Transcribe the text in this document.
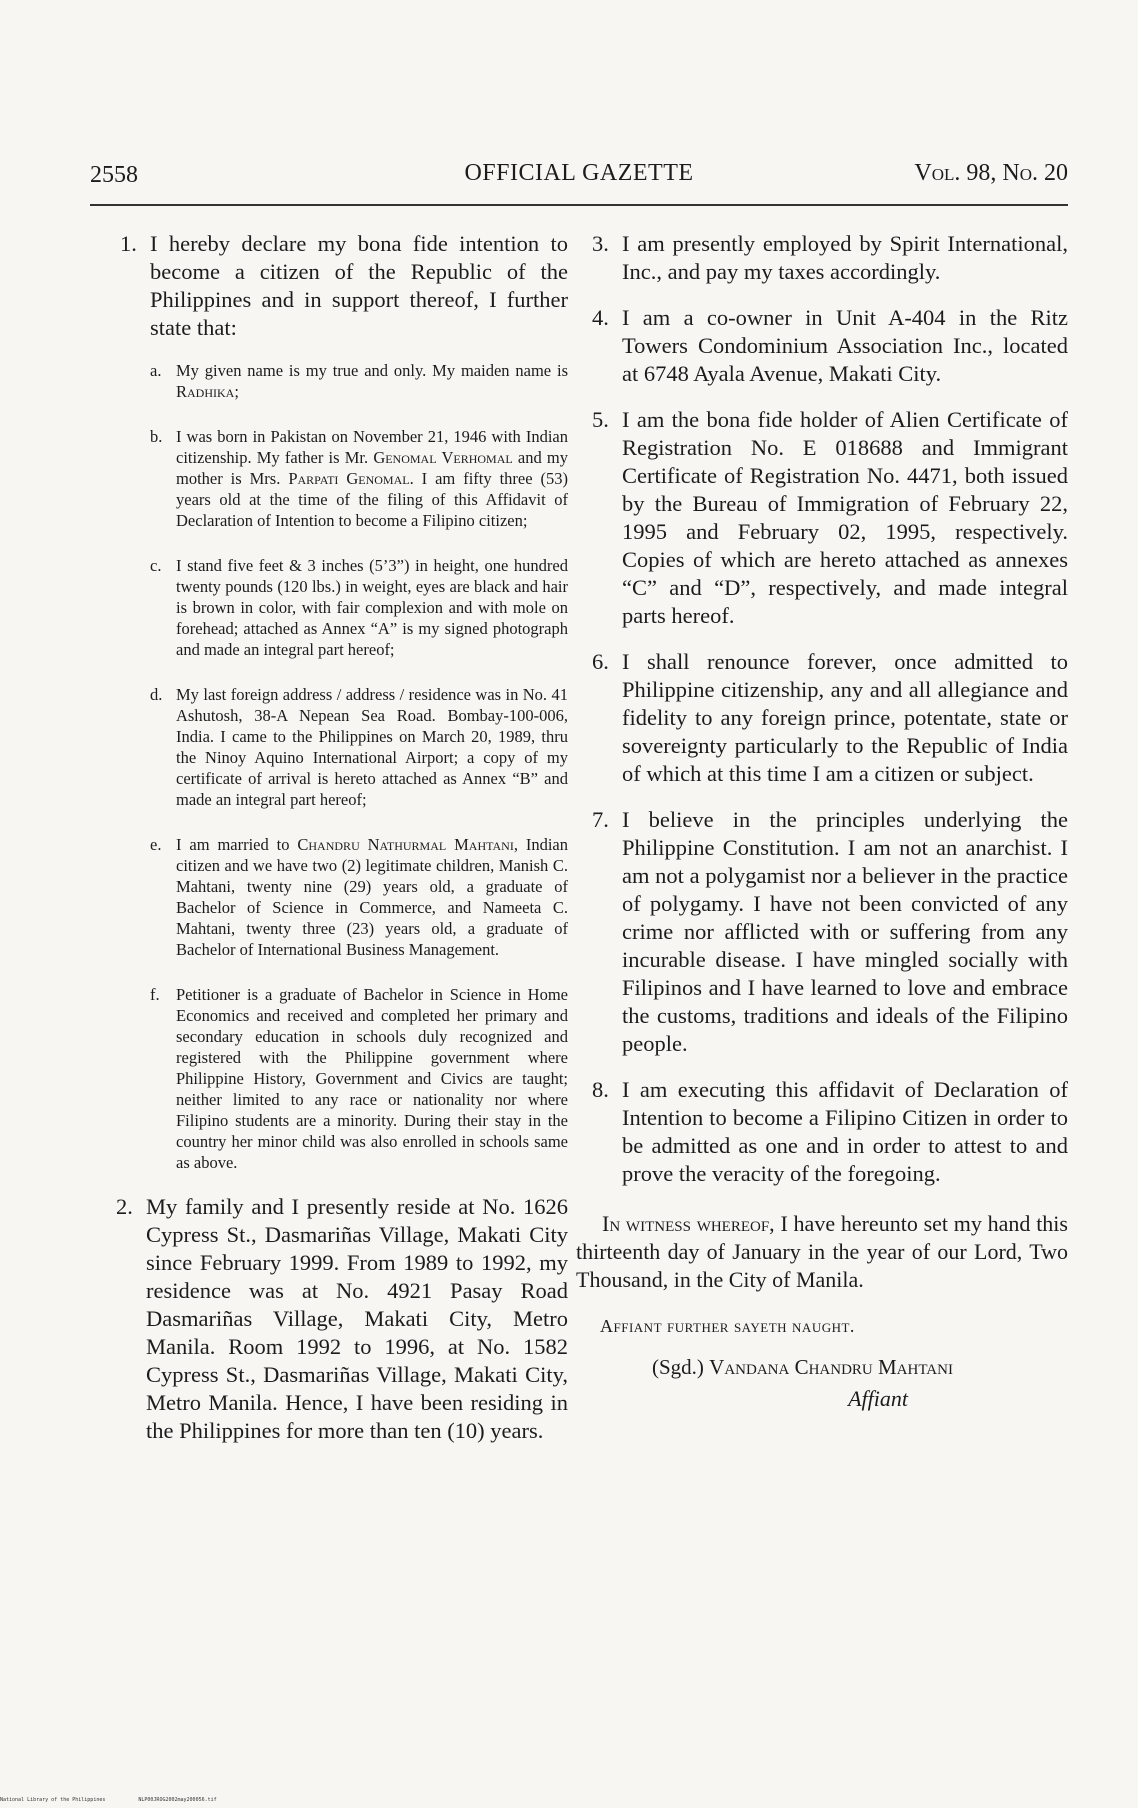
2558	OFFICIAL GAZETTE	Vol. 98, No. 20
1. I hereby declare my bona fide intention to become a citizen of the Republic of the Philippines and in support thereof, I further state that:
a. My given name is my true and only. My maiden name is Radhika;
b. I was born in Pakistan on November 21, 1946 with Indian citizenship. My father is Mr. Genomal Verhomal and my mother is Mrs. Parpati Genomal. I am fifty three (53) years old at the time of the filing of this Affidavit of Declaration of Intention to become a Filipino citizen;
c. I stand five feet & 3 inches (5’3”) in height, one hundred twenty pounds (120 lbs.) in weight, eyes are black and hair is brown in color, with fair complexion and with mole on forehead; attached as Annex “A” is my signed photograph and made an integral part hereof;
d. My last foreign address / address / residence was in No. 41 Ashutosh, 38-A Nepean Sea Road. Bombay-100-006, India. I came to the Philippines on March 20, 1989, thru the Ninoy Aquino International Airport; a copy of my certificate of arrival is hereto attached as Annex “B” and made an integral part hereof;
e. I am married to Chandru Nathurmal Mahtani, Indian citizen and we have two (2) legitimate children, Manish C. Mahtani, twenty nine (29) years old, a graduate of Bachelor of Science in Commerce, and Nameeta C. Mahtani, twenty three (23) years old, a graduate of Bachelor of International Business Management.
f. Petitioner is a graduate of Bachelor in Science in Home Economics and received and completed her primary and secondary education in schools duly recognized and registered with the Philippine government where Philippine History, Government and Civics are taught; neither limited to any race or nationality nor where Filipino students are a minority. During their stay in the country her minor child was also enrolled in schools same as above.
2. My family and I presently reside at No. 1626 Cypress St., Dasmariñas Village, Makati City since February 1999. From 1989 to 1992, my residence was at No. 4921 Pasay Road Dasmariñas Village, Makati City, Metro Manila. Room 1992 to 1996, at No. 1582 Cypress St., Dasmariñas Village, Makati City, Metro Manila. Hence, I have been residing in the Philippines for more than ten (10) years.
3. I am presently employed by Spirit International, Inc., and pay my taxes accordingly.
4. I am a co-owner in Unit A-404 in the Ritz Towers Condominium Association Inc., located at 6748 Ayala Avenue, Makati City.
5. I am the bona fide holder of Alien Certificate of Registration No. E 018688 and Immigrant Certificate of Registration No. 4471, both issued by the Bureau of Immigration of February 22, 1995 and February 02, 1995, respectively. Copies of which are hereto attached as annexes “C” and “D”, respectively, and made integral parts hereof.
6. I shall renounce forever, once admitted to Philippine citizenship, any and all allegiance and fidelity to any foreign prince, potentate, state or sovereignty particularly to the Republic of India of which at this time I am a citizen or subject.
7. I believe in the principles underlying the Philippine Constitution. I am not an anarchist. I am not a polygamist nor a believer in the practice of polygamy. I have not been convicted of any crime nor afflicted with or suffering from any incurable disease. I have mingled socially with Filipinos and I have learned to love and embrace the customs, traditions and ideals of the Filipino people.
8. I am executing this affidavit of Declaration of Intention to become a Filipino Citizen in order to be admitted as one and in order to attest to and prove the veracity of the foregoing.
In witness whereof, I have hereunto set my hand this thirteenth day of January in the year of our Lord, Two Thousand, in the City of Manila.
Affiant further sayeth naught.
(Sgd.) Vandana Chandru Mahtani
Affiant
National Library of the Philippines	NLP00JROG2002may200056.tif
